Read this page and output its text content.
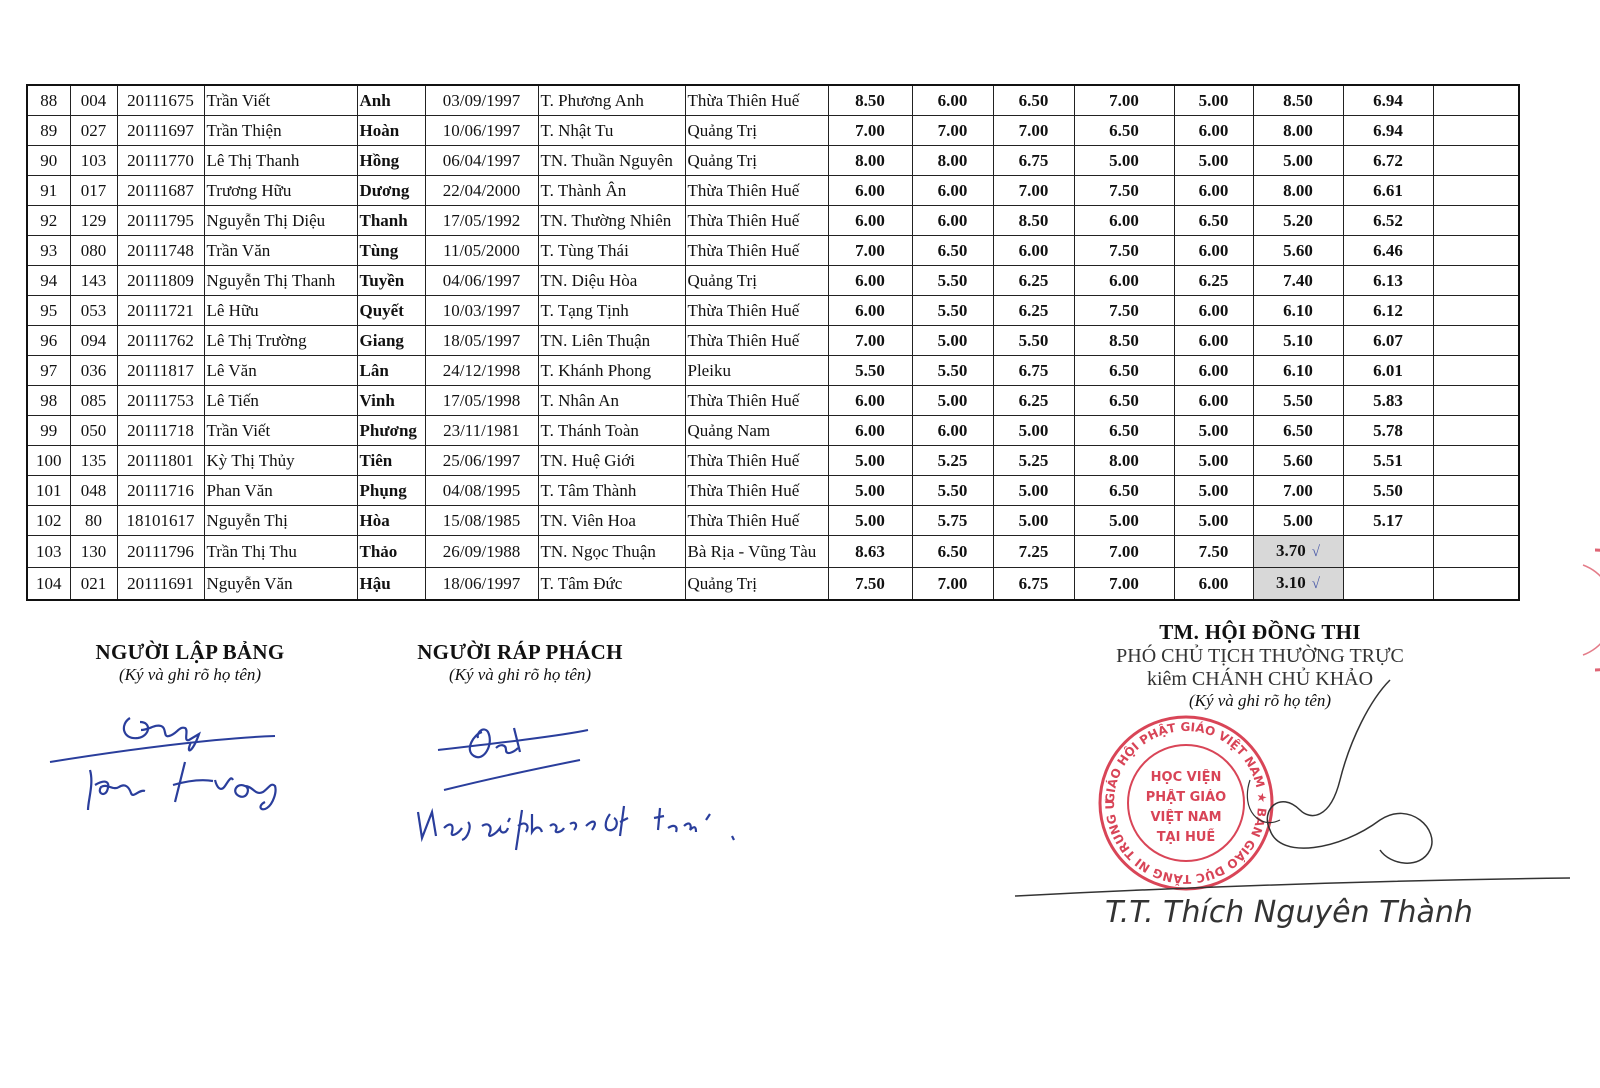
88	004	20111675	Trần Viết	Anh	03/09/1997	T. Phương Anh	Thừa Thiên Huế	8.50	6.00	6.50	7.00	5.00	8.50	6.94	
89	027	20111697	Trần Thiện	Hoàn	10/06/1997	T. Nhật Tu	Quảng Trị	7.00	7.00	7.00	6.50	6.00	8.00	6.94	
90	103	20111770	Lê Thị Thanh	Hồng	06/04/1997	TN. Thuần Nguyên	Quảng Trị	8.00	8.00	6.75	5.00	5.00	5.00	6.72	
91	017	20111687	Trương Hữu	Dương	22/04/2000	T. Thành Ân	Thừa Thiên Huế	6.00	6.00	7.00	7.50	6.00	8.00	6.61	
92	129	20111795	Nguyễn Thị Diệu	Thanh	17/05/1992	TN. Thường Nhiên	Thừa Thiên Huế	6.00	6.00	8.50	6.00	6.50	5.20	6.52	
93	080	20111748	Trần Văn	Tùng	11/05/2000	T. Tùng Thái	Thừa Thiên Huế	7.00	6.50	6.00	7.50	6.00	5.60	6.46	
94	143	20111809	Nguyễn Thị Thanh	Tuyền	04/06/1997	TN. Diệu Hòa	Quảng Trị	6.00	5.50	6.25	6.00	6.25	7.40	6.13	
95	053	20111721	Lê Hữu	Quyết	10/03/1997	T. Tạng Tịnh	Thừa Thiên Huế	6.00	5.50	6.25	7.50	6.00	6.10	6.12	
96	094	20111762	Lê Thị Trường	Giang	18/05/1997	TN. Liên Thuận	Thừa Thiên Huế	7.00	5.00	5.50	8.50	6.00	5.10	6.07	
97	036	20111817	Lê Văn	Lân	24/12/1998	T. Khánh Phong	Pleiku	5.50	5.50	6.75	6.50	6.00	6.10	6.01	
98	085	20111753	Lê Tiến	Vinh	17/05/1998	T. Nhân An	Thừa Thiên Huế	6.00	5.00	6.25	6.50	6.00	5.50	5.83	
99	050	20111718	Trần Viết	Phương	23/11/1981	T. Thánh Toàn	Quảng Nam	6.00	6.00	5.00	6.50	5.00	6.50	5.78	
100	135	20111801	Kỳ Thị Thủy	Tiên	25/06/1997	TN. Huệ Giới	Thừa Thiên Huế	5.00	5.25	5.25	8.00	5.00	5.60	5.51	
101	048	20111716	Phan Văn	Phụng	04/08/1995	T. Tâm Thành	Thừa Thiên Huế	5.00	5.50	5.00	6.50	5.00	7.00	5.50	
102	80	18101617	Nguyễn Thị	Hòa	15/08/1985	TN. Viên Hoa	Thừa Thiên Huế	5.00	5.75	5.00	5.00	5.00	5.00	5.17	
103	130	20111796	Trần Thị Thu	Thảo	26/09/1988	TN. Ngọc Thuận	Bà Rịa - Vũng Tàu	8.63	6.50	7.25	7.00	7.50	3.70 √		
104	021	20111691	Nguyễn Văn	Hậu	18/06/1997	T. Tâm Đức	Quảng Trị	7.50	7.00	6.75	7.00	6.00	3.10 √		
NGƯỜI LẬP BẢNG
(Ký và ghi rõ họ tên)
NGƯỜI RÁP PHÁCH
(Ký và ghi rõ họ tên)
TM. HỘI ĐỒNG THI
PHÓ CHỦ TỊCH THƯỜNG TRỰC
kiêm CHÁNH CHỦ KHẢO
(Ký và ghi rõ họ tên)
GIÁO HỘI PHẬT GIÁO VIỆT NAM ★ BAN GIÁO DỤC TĂNG NI TRUNG ƯƠNG
HỌC VIỆN
PHẬT GIÁO
VIỆT NAM
TẠI HUẾ
T.T. Thích Nguyên Thành
